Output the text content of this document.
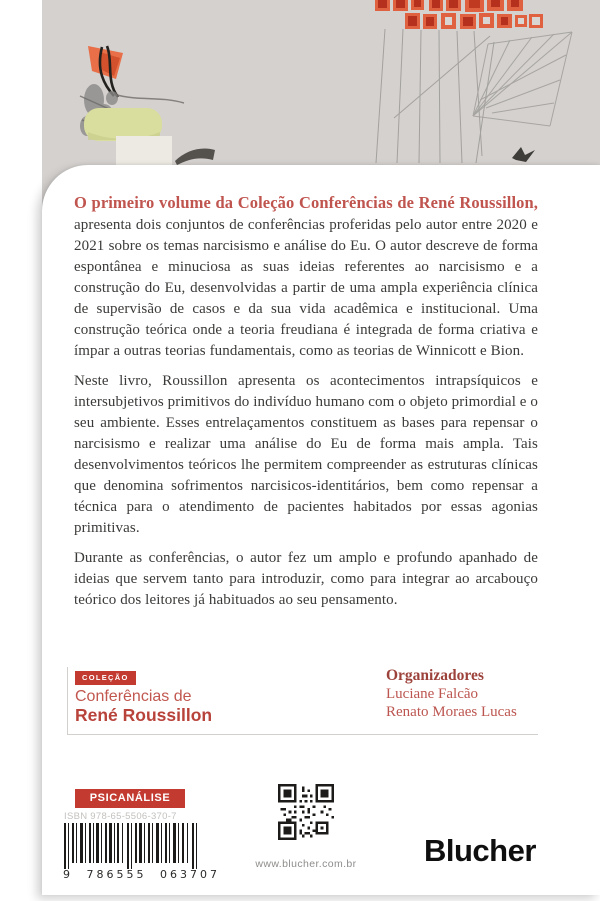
O primeiro volume da Coleção Conferências de René Roussillon, apresenta dois conjuntos de conferências proferidas pelo autor entre 2020 e 2021 sobre os temas narcisismo e análise do Eu. O autor descreve de forma espontânea e minuciosa as suas ideias referentes ao narcisismo e a construção do Eu, desenvolvidas a partir de uma ampla experiência clínica de supervisão de casos e da sua vida acadêmica e institucional. Uma construção teórica onde a teoria freudiana é integrada de forma criativa e ímpar a outras teorias fundamentais, como as teorias de Winnicott e Bion.

Neste livro, Roussillon apresenta os acontecimentos intrapsíquicos e intersubjetivos primitivos do indivíduo humano com o objeto primordial e o seu ambiente. Esses entrelaçamentos constituem as bases para repensar o narcisismo e realizar uma análise do Eu de forma mais ampla. Tais desenvolvimentos teóricos lhe permitem compreender as estruturas clínicas que denomina sofrimentos narcisicos-identitários, bem como repensar a técnica para o atendimento de pacientes habitados por essas agonias primitivas.

Durante as conferências, o autor fez um amplo e profundo apanhado de ideias que servem tanto para introduzir, como para integrar ao arcabouço teórico dos leitores já habituados ao seu pensamento.

COLEÇÃO
Conferências de
René Roussillon
Organizadores
Luciane Falcão
Renato Moraes Lucas
PSICANÁLISE
ISBN 978-65-5506-370-7
9 786555 063707
www.blucher.com.br	Blucher
